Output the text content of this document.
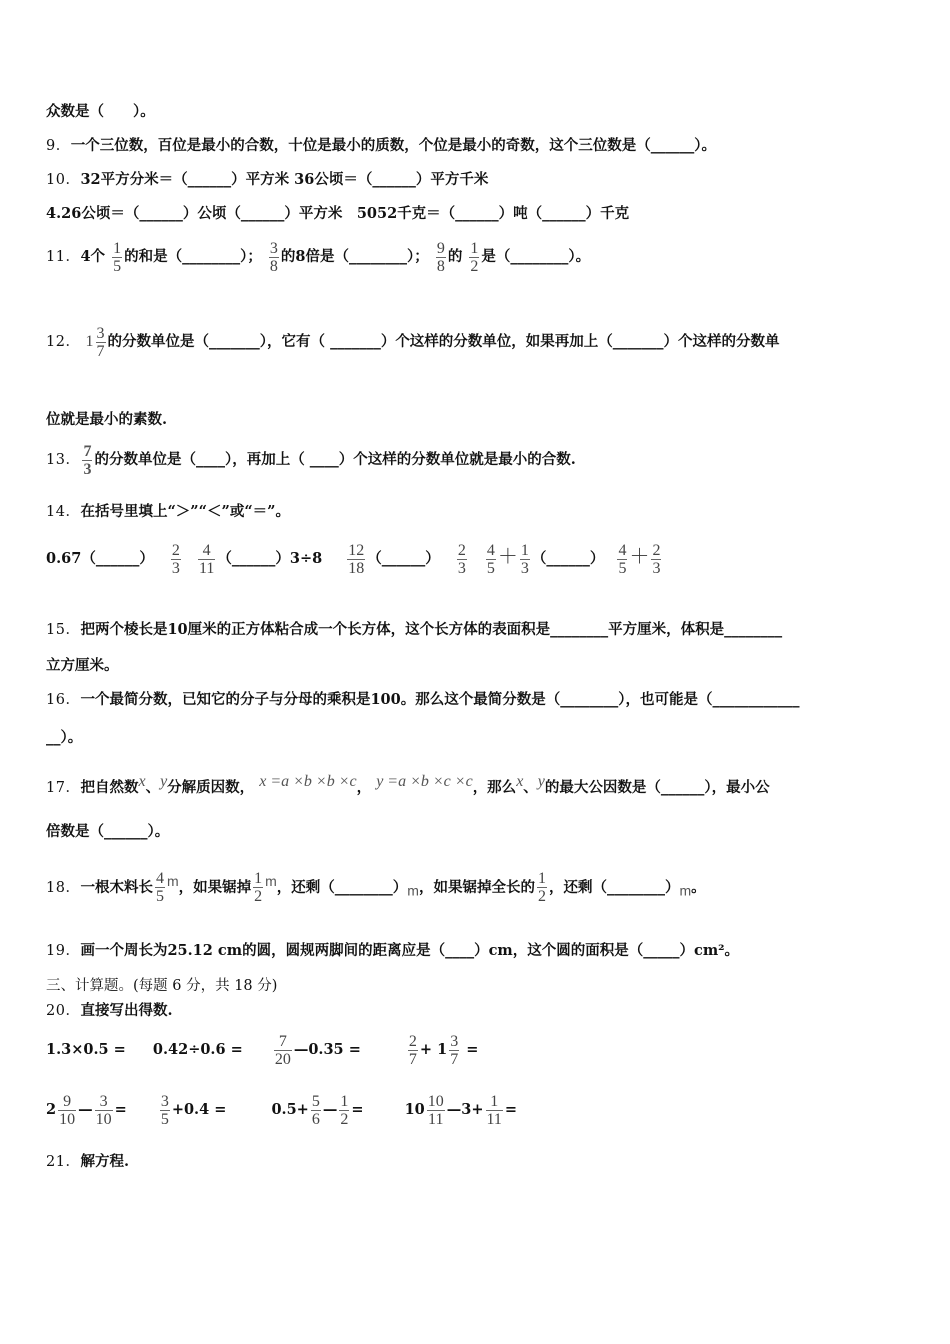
众数是（　　）。
9．一个三位数，百位是最小的合数，十位是最小的质数，个位是最小的奇数，这个三位数是（______）。
10．32平方分米＝（______）平方米 36公顷＝（______）平方千米
4.26公顷＝（______）公顷（______）平方米　5052千克＝（______）吨（______）千克
11．4个 $\frac{1}{5}$ 的和是（________）； $\frac{3}{8}$ 的8倍是（________）； $\frac{9}{8}$ 的 $\frac{1}{2}$ 是（________）。
12． $1 \frac{3}{7}$ 的分数单位是（_______），它有（ _______）个这样的分数单位，如果再加上（_______）个这样的分数单
位就是最小的素数.
13． $\frac{7}{3}$ 的分数单位是（____），再加上（ ____）个这样的分数单位就是最小的合数.
14．在括号里填上“＞”“＜”或“＝”。
0.67（______） $\frac{2}{3}$
$\frac{4}{11}$ （______）3÷8 $\frac{12}{18}$ （______） $\frac{2}{3}$
$\frac{4}{5} + \frac{1}{3}$ （______） $\frac{4}{5} + \frac{2}{3}$
15．把两个棱长是10厘米的正方体粘合成一个长方体，这个长方体的表面积是________平方厘米，体积是________
立方厘米。
16．一个最简分数，已知它的分子与分母的乘积是100。那么这个最简分数是（________），也可能是（____________
__）。
17．把自然数$^x$、$^y$分解质因数， $^{x =a \times b \times b \times c}$， $^{y =a \times b \times c \times c}$，那么$^x$、$^y$的最大公因数是（______），最小公
倍数是（______）。
18．一根木料长 $\frac{4}{5} ^m$，如果锯掉 $\frac{1}{2} ^m$，还剩$(\_\_\_\_\_\_\_\_)_m$，如果锯掉全长的 $\frac{1}{2}$ ，还剩$(\_\_\_\_\_\_\_\_)_m$。
19．画一个周长为25.12 cm的圆，圆规两脚间的距离应是（____）cm，这个圆的面积是（_____）cm²。
三、计算题。(每题 6 分，共 18 分)
20．直接写出得数.
$1.3\times 0.5 = 0.42\div 0.6 = \frac{7}{20}$ —0.35 =	$\frac{2}{7} + 1 \frac{3}{7}$ =
$2 \frac{9}{10}$ — $\frac{3}{10} = \frac{3}{5} +0.4$ =	$0.5+ \frac{5}{6}$ — $\frac{1}{2}$ =	$10 \frac{10}{11}$ —3+ $\frac{1}{11}$ =
21．解方程.
